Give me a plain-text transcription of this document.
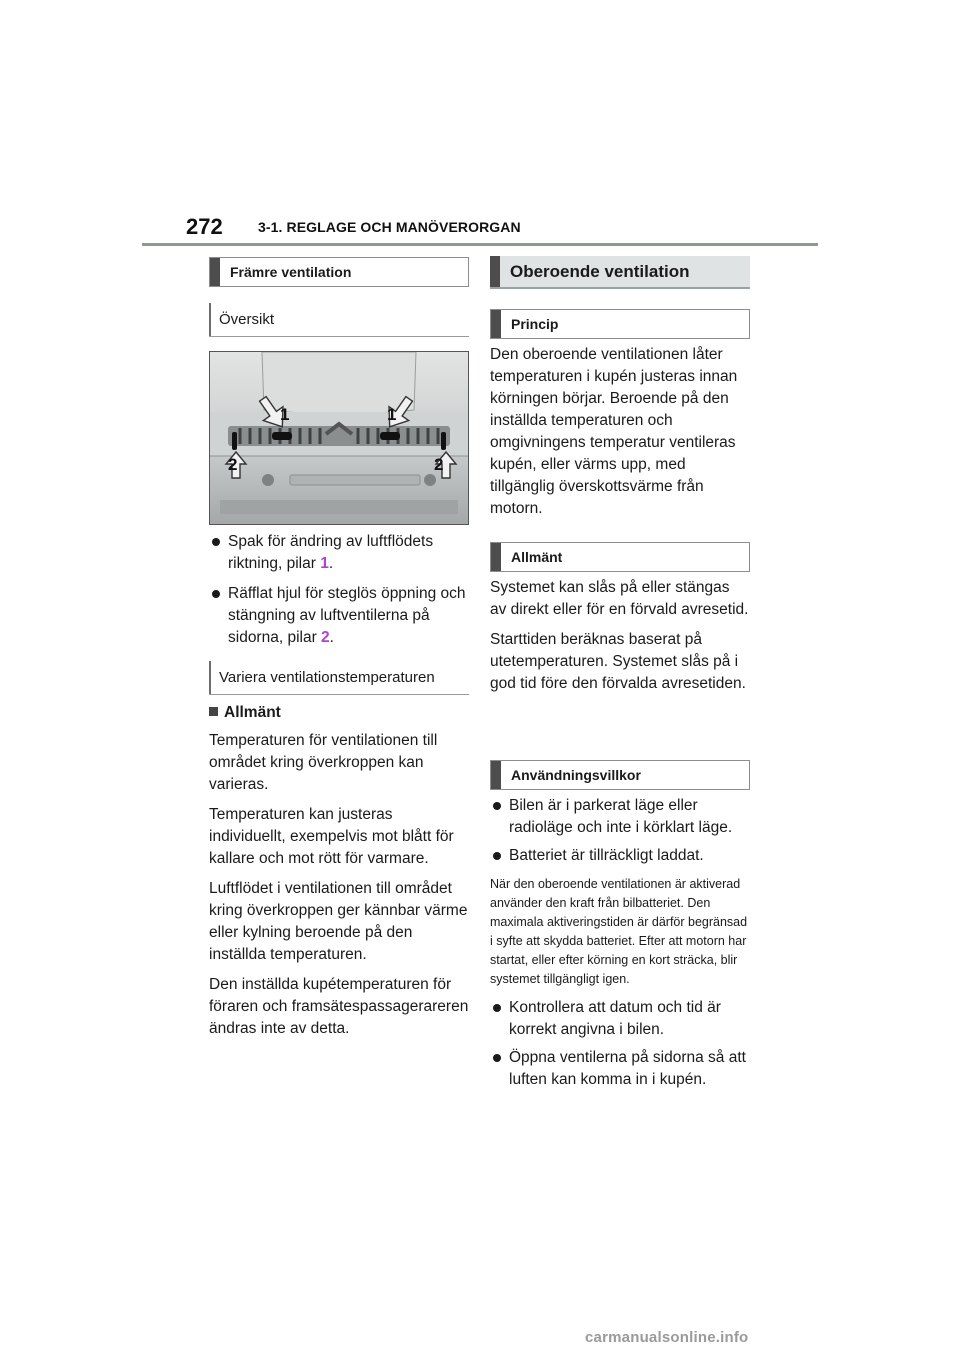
272	3-1. REGLAGE OCH MANÖVERORGAN
Främre ventilation
Översikt
1	1
2	2
Spak för ändring av luftflödets riktning, pilar 1.
Räfflat hjul för steglös öppning och stängning av luftventilerna på sidorna, pilar 2.
Variera ventilationstemperaturen
Allmänt
Temperaturen för ventilationen till området kring överkroppen kan varieras.
Temperaturen kan justeras individuellt, exempelvis mot blått för kallare och mot rött för varmare.
Luftflödet i ventilationen till området kring överkroppen ger kännbar värme eller kylning beroende på den inställda temperaturen.
Den inställda kupétemperaturen för föraren och framsätespassagerareren ändras inte av detta.
Oberoende ventilation
Princip
Den oberoende ventilationen låter temperaturen i kupén justeras innan körningen börjar. Beroende på den inställda temperaturen och omgivningens temperatur ventileras kupén, eller värms upp, med tillgänglig överskottsvärme från motorn.
Allmänt
Systemet kan slås på eller stängas av direkt eller för en förvald avresetid.
Starttiden beräknas baserat på utetemperaturen. Systemet slås på i god tid före den förvalda avresetiden.
Användningsvillkor
Bilen är i parkerat läge eller radioläge och inte i körklart läge.
Batteriet är tillräckligt laddat.
När den oberoende ventilationen är aktiverad använder den kraft från bilbatteriet. Den maximala aktiveringstiden är därför begränsad i syfte att skydda batteriet. Efter att motorn har startat, eller efter körning en kort sträcka, blir systemet tillgängligt igen.
Kontrollera att datum och tid är korrekt angivna i bilen.
Öppna ventilerna på sidorna så att luften kan komma in i kupén.
carmanualsonline.info
